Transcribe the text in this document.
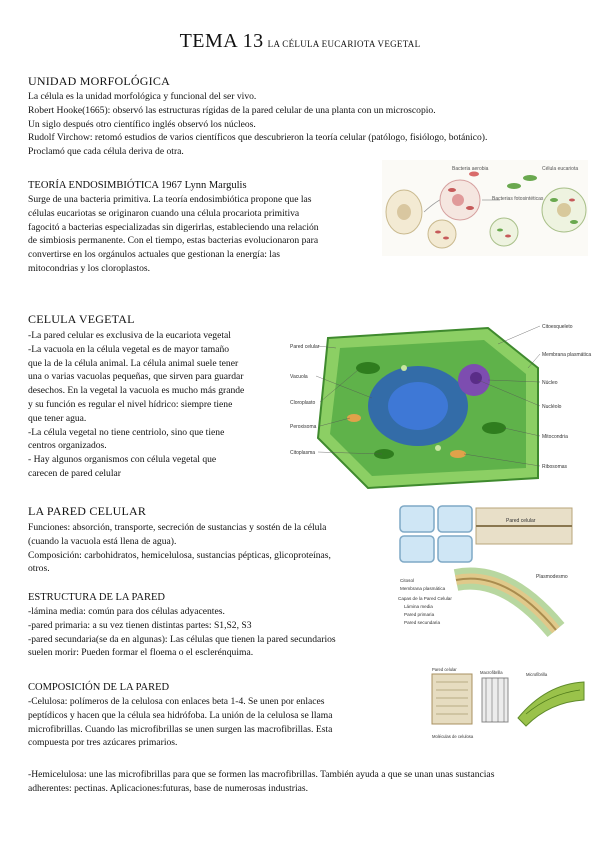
TEMA 13 LA CÉLULA EUCARIOTA VEGETAL
UNIDAD MORFOLÓGICA
La célula es la unidad morfológica y funcional del ser vivo.
Robert Hooke(1665): observó las estructuras rígidas de la pared celular de una planta con un microscopio.
Un siglo después otro científico inglés observó los núcleos.
Rudolf Virchow: retomó estudios de varios científicos que descubrieron la teoría celular (patólogo, fisiólogo, botánico).
Proclamó que cada célula deriva de otra.
TEORÍA ENDOSIMBIÓTICA 1967 Lynn Margulis
Surge de una bacteria primitiva. La teoría endosimbiótica propone que las
células eucariotas se originaron cuando una célula procariota primitiva
fagocitó a bacterias especializadas sin digerirlas, estableciendo una relación
de simbiosis permanente. Con el tiempo, estas bacterias evolucionaron para
convertirse en los orgánulos actuales que gestionan la energía: las
mitocondrias y los cloroplastos.
Bacteria aerobia
Bacterias fotosintéticas
Célula eucariota
CELULA VEGETAL
-La pared celular es exclusiva de la eucariota vegetal
-La vacuola en la célula vegetal es de mayor tamaño
que la de la célula animal. La célula animal suele tener
una o varias vacuolas pequeñas, que sirven para guardar
desechos. En la vegetal la vacuola es mucho más grande
y su función es regular el nivel hídrico: siempre tiene
que tener agua.
-La célula vegetal no tiene centriolo, sino que tiene
centros organizados.
- Hay algunos organismos con célula vegetal que
carecen de pared celular
Pared celular
Vacuola
Cloroplasto
Peroxisoma
Citoplasma
Citoesqueleto
Membrana plasmática
Núcleo
Nucléolo
Mitocondria
Ribosomas
LA PARED CELULAR
Funciones: absorción, transporte, secreción de sustancias y sostén de la célula
(cuando la vacuola está llena de agua).
Composición: carbohidratos, hemicelulosa, sustancias pépticas, glicoproteínas,
otros.
Pared celular
Plasmodesmo
Citosol
Membrana plasmática
Capas de la Pared Celular
Lámina media
Pared primaria
Pared secundaria
ESTRUCTURA DE LA PARED
-lámina media: común para dos células adyacentes.
-pared primaria: a su vez tienen distintas partes: S1,S2, S3
-pared secundaria(se da en algunas): Las células que tienen la pared secundarios
suelen morir: Pueden formar el floema o el esclerénquima.
COMPOSICIÓN DE LA PARED
-Celulosa: polímeros de la celulosa con enlaces beta 1-4. Se unen por enlaces
peptídicos y hacen que la célula sea hidrófoba. La unión de la celulosa se llama
microfibrillas. Cuando las microfibrillas se unen surgen las macrofibrillas. Esta
compuesta por tres azúcares primarios.
-Hemicelulosa: une las microfibrillas para que se formen las macrofibrillas. También ayuda a que se unan unas sustancias
adherentes: pectinas. Aplicaciones:futuras, base de numerosas industrias.
Pared celular
Macrofibrilla	Microfibrilla
Moléculas de celulosa
